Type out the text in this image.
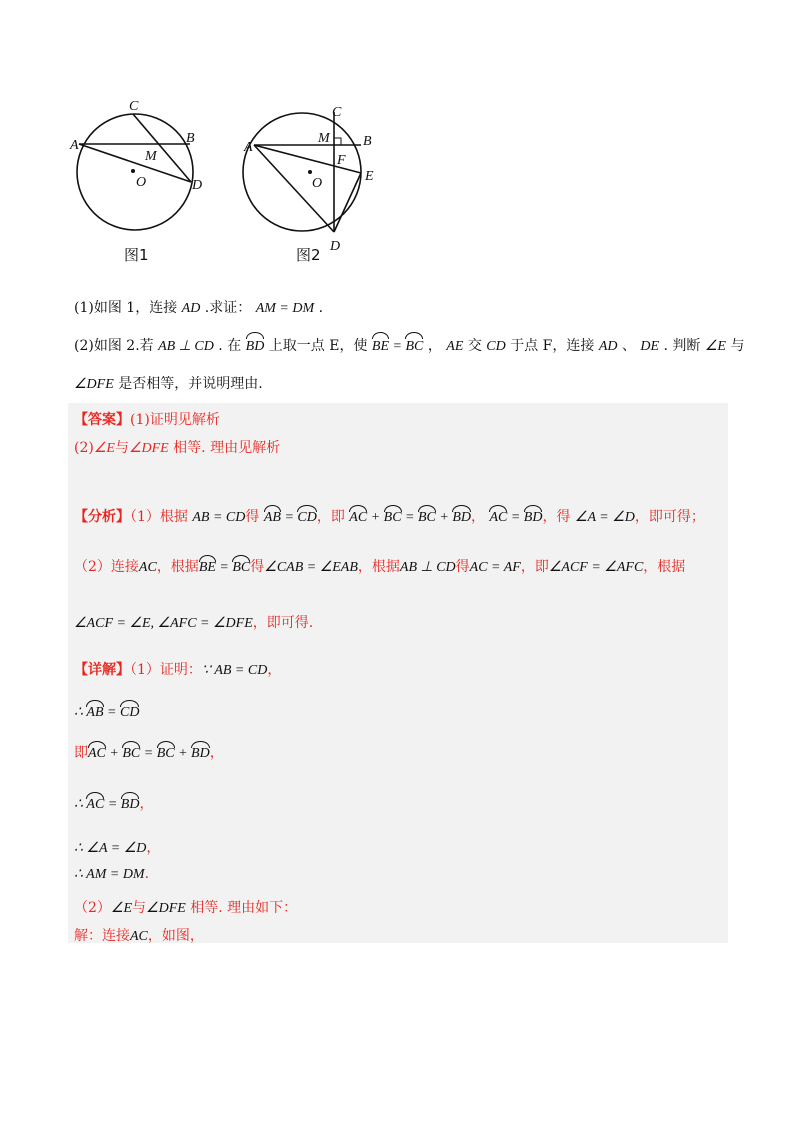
A
C
B
M
O	D
A
C
M B
F
O	E
D
图1	图2
(1)如图 1，连接 AD .求证： AM = DM .
(2)如图 2.若 AB ⊥ CD . 在 BD 上取一点 E，使 BE = BC ， AE 交 CD 于点 F，连接 AD 、 DE . 判断 ∠E 与
∠DFE 是否相等，并说明理由.
【答案】(1)证明见解析
(2)∠E与∠DFE 相等. 理由见解析
【分析】（1）根据 AB = CD得 AB = CD，即 AC + BC = BC + BD， AC = BD，得 ∠A = ∠D，即可得；
（2）连接AC，根据BE = BC得∠CAB = ∠EAB，根据AB ⊥ CD得AC = AF，即∠ACF = ∠AFC，根据
∠ACF = ∠E, ∠AFC = ∠DFE，即可得.
【详解】（1）证明：∵ AB = CD，
∴ AB = CD
即AC + BC = BC + BD，
∴ AC = BD，
∴ ∠A = ∠D，
∴ AM = DM.
（2）∠E与∠DFE 相等. 理由如下：
解：连接AC，如图，
